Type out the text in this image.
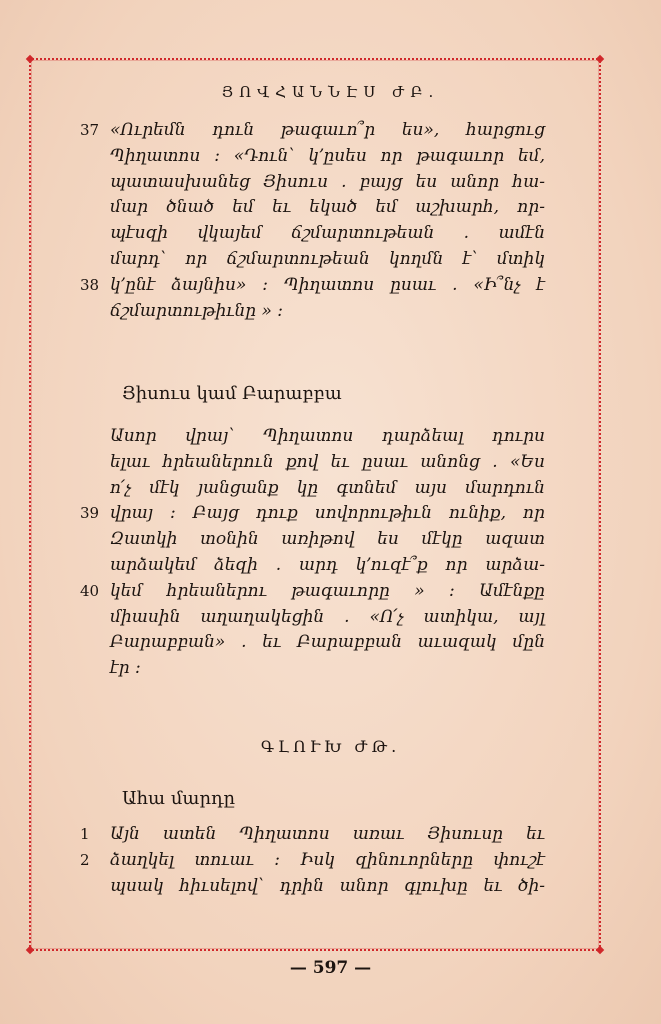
ՅՈՎՀԱՆՆԷՍ ԺԲ.
37 «Ուրեմն դուն թագաւո՞ր ես», հարցուց
Պիղատոս ։ «Դուն՝ կ՚ըսես որ թագաւոր եմ,
պատասխանեց Յիսուս . բայց ես անոր հա-
մար ծնած եմ եւ եկած եմ աշխարհ, որ-
պէսզի վկայեմ ճշմարտութեան . ամէն
մարդ՝ որ ճշմարտութեան կողմն է՝ մտիկ
38 կ՚ընէ ձայնիս» ։ Պիղատոս ըսաւ . «Ի՞նչ է
ճշմարտութիւնը » ։
Յիսուս կամ Բարաբբա
Ասոր վրայ՝ Պիղատոս դարձեալ դուրս
ելաւ հրեաներուն քով եւ ըսաւ անոնց . «Ես
ո՛չ մէկ յանցանք կը գտնեմ այս մարդուն
39 վրայ ։ Բայց դուք սովորութիւն ունիք, որ
Զատկի տօնին առիթով ես մէկը ազատ
արձակեմ ձեզի . արդ կ՚ուզէ՞ք որ արձա-
40 կեմ հրեաներու թագաւորը » ։ Ամէնքը
միասին աղաղակեցին . «Ո՛չ ատիկա, այլ
Բարաբբան» . եւ Բարաբբան աւազակ մըն
էր ։
ԳԼՈՒԽ ԺԹ.
Ահա մարդը
1 Այն ատեն Պիղատոս առաւ Յիսուսը եւ
2 ձաղկել տուաւ ։ Իսկ զինուորները փուշէ
պսակ հիւսելով՝ դրին անոր գլուխը եւ ծի-
— 597 —
